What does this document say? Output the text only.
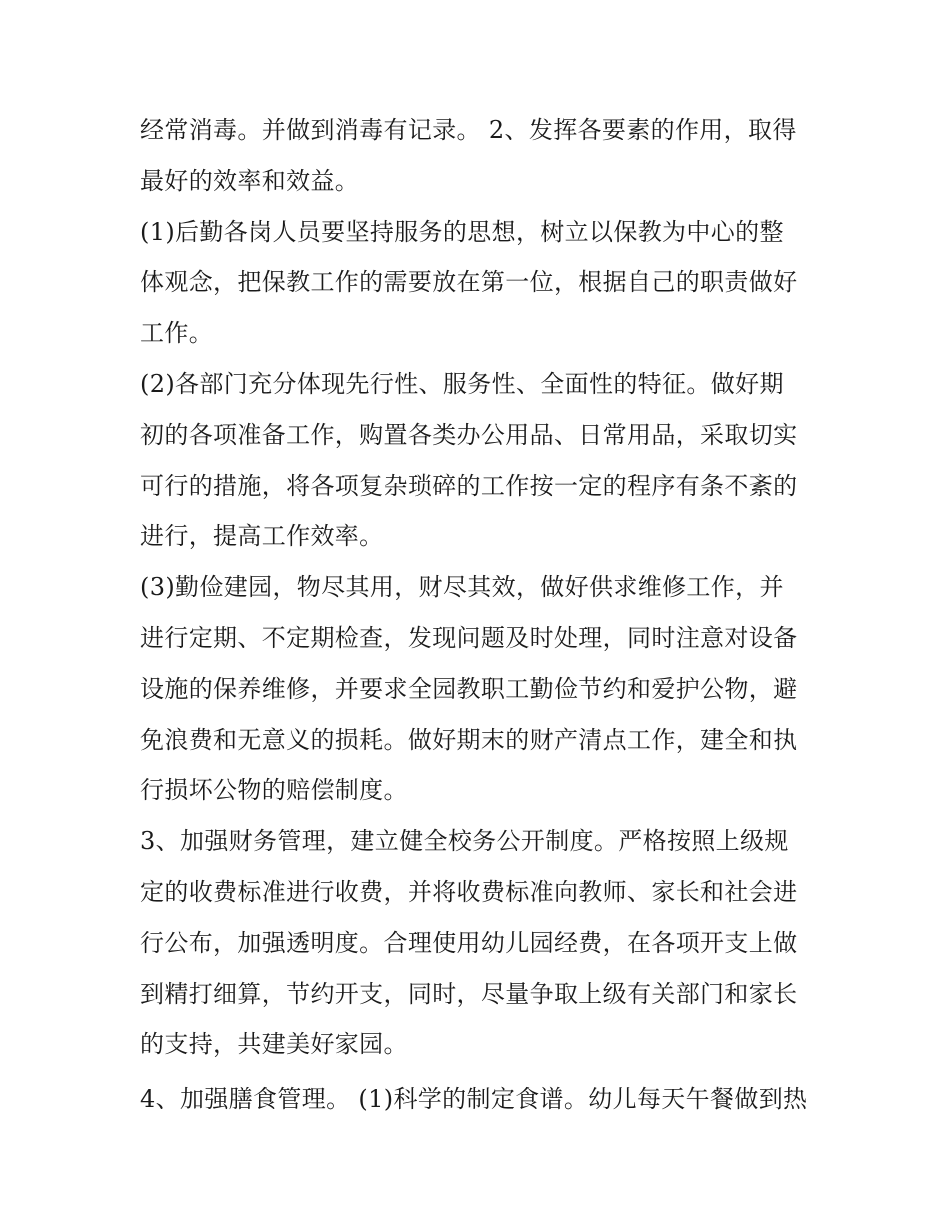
经常消毒。并做到消毒有记录。 2、发挥各要素的作用，取得
最好的效率和效益。
(1)后勤各岗人员要坚持服务的思想，树立以保教为中心的整
体观念，把保教工作的需要放在第一位，根据自己的职责做好
工作。
(2)各部门充分体现先行性、服务性、全面性的特征。做好期
初的各项准备工作，购置各类办公用品、日常用品，采取切实
可行的措施，将各项复杂琐碎的工作按一定的程序有条不紊的
进行，提高工作效率。
(3)勤俭建园，物尽其用，财尽其效，做好供求维修工作，并
进行定期、不定期检查，发现问题及时处理，同时注意对设备
设施的保养维修，并要求全园教职工勤俭节约和爱护公物，避
免浪费和无意义的损耗。做好期末的财产清点工作，建全和执
行损坏公物的赔偿制度。
3、加强财务管理，建立健全校务公开制度。严格按照上级规
定的收费标准进行收费，并将收费标准向教师、家长和社会进
行公布，加强透明度。合理使用幼儿园经费，在各项开支上做
到精打细算，节约开支，同时，尽量争取上级有关部门和家长
的支持，共建美好家园。
4、加强膳食管理。 (1)科学的制定食谱。幼儿每天午餐做到热
